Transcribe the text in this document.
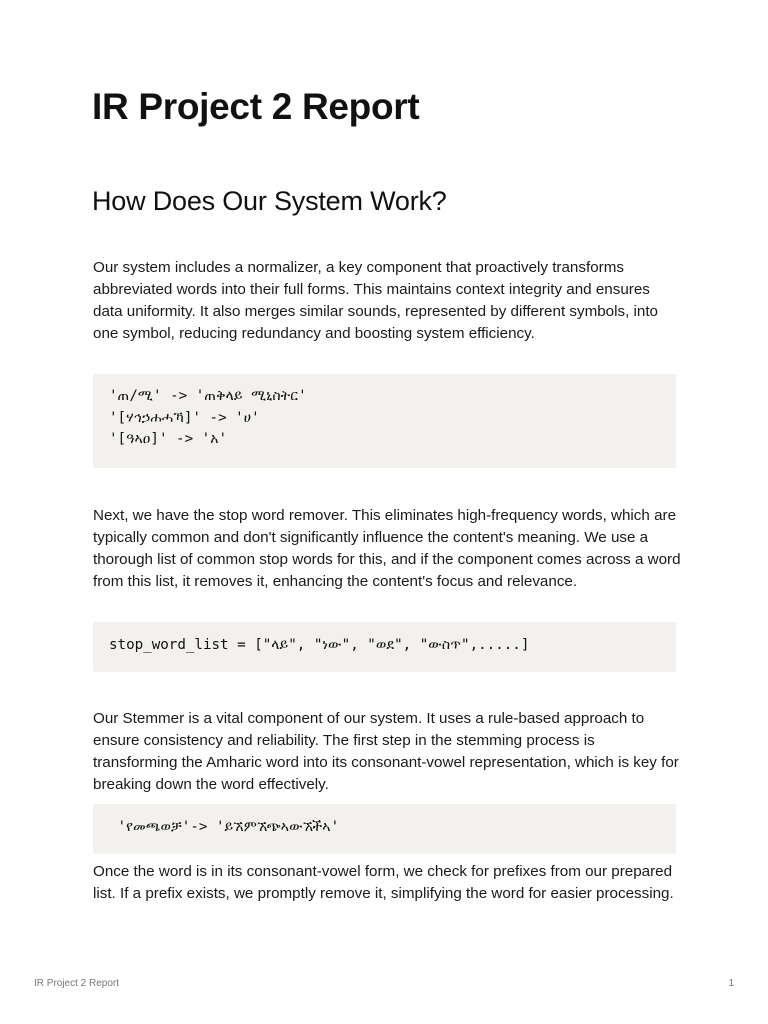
IR Project 2 Report
How Does Our System Work?

Our system includes a normalizer, a key component that proactively transforms abbreviated words into their full forms. This maintains context integrity and ensures data uniformity. It also merges similar sounds, represented by different symbols, into one symbol, reducing redundancy and boosting system efficiency.

'ጠ/ሚ' -> 'ጠቅላይ ሚኒስትር'
'[ሃኅኃሐሓኻ]' -> 'ሀ'
'[ዓኣዐ]' -> 'አ'

Next, we have the stop word remover. This eliminates high-frequency words, which are typically common and don't significantly influence the content's meaning. We use a thorough list of common stop words for this, and if the component comes across a word from this list, it removes it, enhancing the content's focus and relevance.

stop_word_list = ["ላይ", "ነው", "ወደ", "ውስጥ",.....]

Our Stemmer is a vital component of our system. It uses a rule-based approach to ensure consistency and reliability. The first step in the stemming process is transforming the Amharic word into its consonant-vowel representation, which is key for breaking down the word effectively.

'የመጫወቻ'-> 'ይኧምኧጭኣውኧችኣ'

Once the word is in its consonant-vowel form, we check for prefixes from our prepared list. If a prefix exists, we promptly remove it, simplifying the word for easier processing.

IR Project 2 Report	1
